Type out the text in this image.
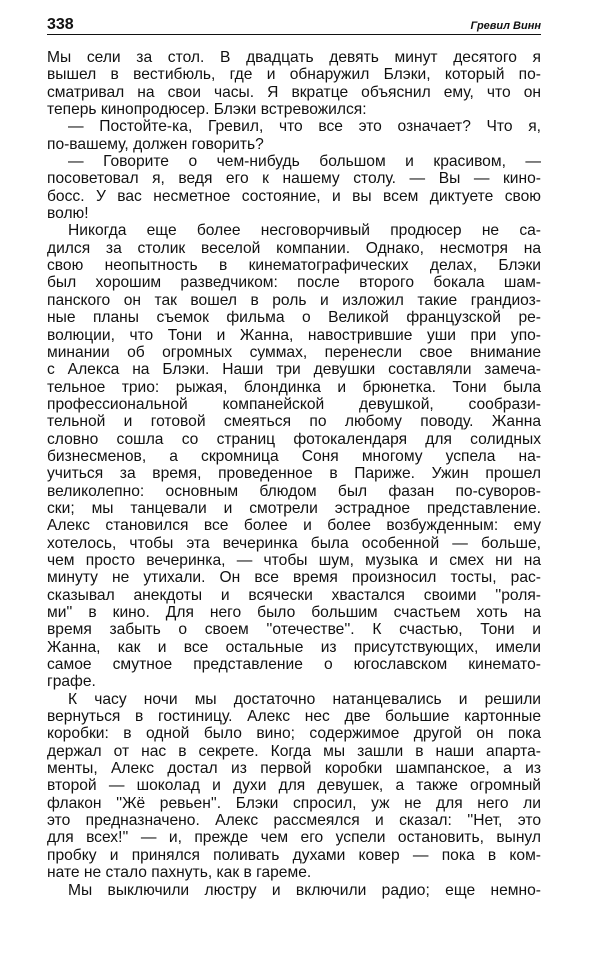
338	Гревил Винн
Мы сели за стол. В двадцать девять минут десятого я
вышел в вестибюль, где и обнаружил Блэки, который по-
сматривал на свои часы. Я вкратце объяснил ему, что он
теперь кинопродюсер. Блэки встревожился:
— Постойте-ка, Гревил, что все это означает? Что я,
по-вашему, должен говорить?
— Говорите о чем-нибудь большом и красивом, —
посоветовал я, ведя его к нашему столу. — Вы — кино-
босс. У вас несметное состояние, и вы всем диктуете свою
волю!
Никогда еще более несговорчивый продюсер не са-
дился за столик веселой компании. Однако, несмотря на
свою неопытность в кинематографических делах, Блэки
был хорошим разведчиком: после второго бокала шам-
панского он так вошел в роль и изложил такие грандиоз-
ные планы съемок фильма о Великой французской ре-
волюции, что Тони и Жанна, навострившие уши при упо-
минании об огромных суммах, перенесли свое внимание
с Алекса на Блэки. Наши три девушки составляли замеча-
тельное трио: рыжая, блондинка и брюнетка. Тони была
профессиональной компанейской девушкой, сообрази-
тельной и готовой смеяться по любому поводу. Жанна
словно сошла со страниц фотокалендаря для солидных
бизнесменов, а скромница Соня многому успела на-
учиться за время, проведенное в Париже. Ужин прошел
великолепно: основным блюдом был фазан по-суворов-
ски; мы танцевали и смотрели эстрадное представление.
Алекс становился все более и более возбужденным: ему
хотелось, чтобы эта вечеринка была особенной — больше,
чем просто вечеринка, — чтобы шум, музыка и смех ни на
минуту не утихали. Он все время произносил тосты, рас-
сказывал анекдоты и всячески хвастался своими ''роля-
ми'' в кино. Для него было большим счастьем хоть на
время забыть о своем ''отечестве''. К счастью, Тони и
Жанна, как и все остальные из присутствующих, имели
самое смутное представление о югославском кинемато-
графе.
К часу ночи мы достаточно натанцевались и решили
вернуться в гостиницу. Алекс нес две большие картонные
коробки: в одной было вино; содержимое другой он пока
держал от нас в секрете. Когда мы зашли в наши апарта-
менты, Алекс достал из первой коробки шампанское, а из
второй — шоколад и духи для девушек, а также огромный
флакон ''Жё ревьен''. Блэки спросил, уж не для него ли
это предназначено. Алекс рассмеялся и сказал: ''Нет, это
для всех!'' — и, прежде чем его успели остановить, вынул
пробку и принялся поливать духами ковер — пока в ком-
нате не стало пахнуть, как в гареме.
Мы выключили люстру и включили радио; еще немно-
